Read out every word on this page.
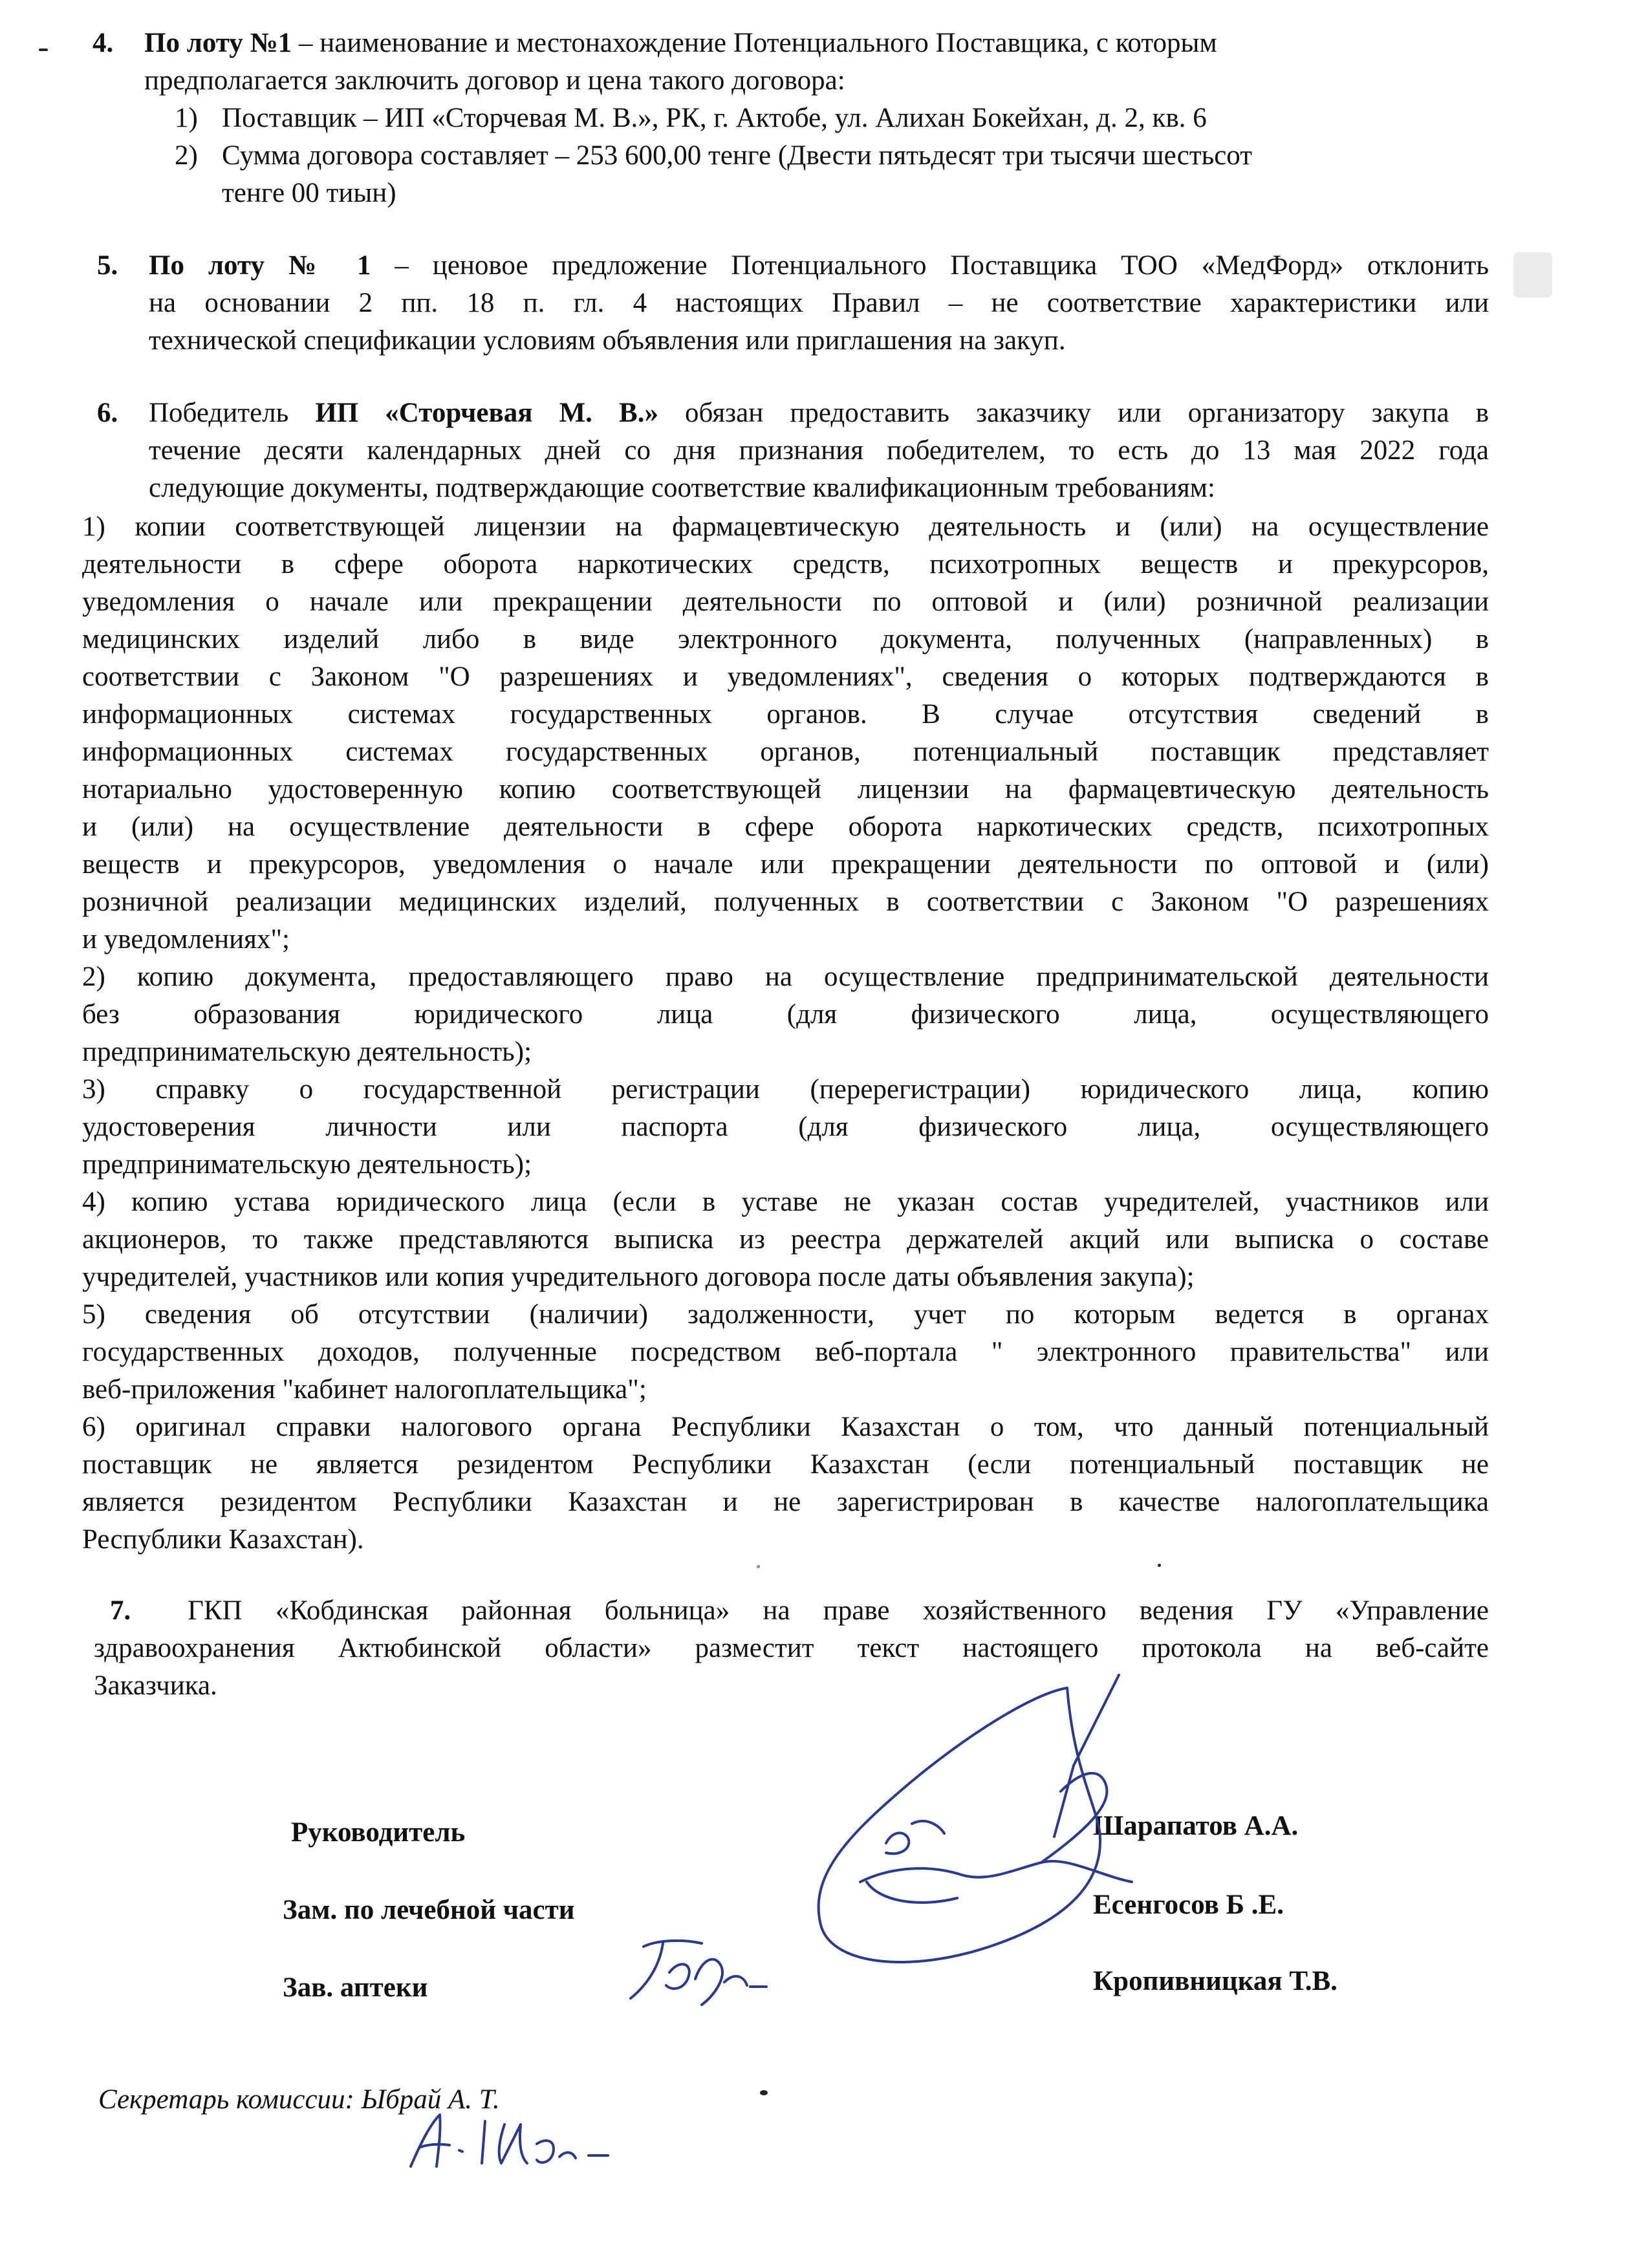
4. По лоту №1 – наименование и местонахождение Потенциального Поставщика, с которым
предполагается заключить договор и цена такого договора:
1) Поставщик – ИП «Сторчевая М. В.», РК, г. Актобе, ул. Алихан Бокейхан, д. 2, кв. 6
2) Сумма договора составляет – 253 600,00 тенге (Двести пятьдесят три тысячи шестьсот
тенге 00 тиын)
5. По лоту № 1 – ценовое предложение Потенциального Поставщика ТОО «МедФорд» отклонить
на основании 2 пп. 18 п. гл. 4 настоящих Правил – не соответствие характеристики или
технической спецификации условиям объявления или приглашения на закуп.
6. Победитель ИП «Сторчевая М. В.» обязан предоставить заказчику или организатору закупа в
течение десяти календарных дней со дня признания победителем, то есть до 13 мая 2022 года
следующие документы, подтверждающие соответствие квалификационным требованиям:
1) копии соответствующей лицензии на фармацевтическую деятельность и (или) на осуществление
деятельности в сфере оборота наркотических средств, психотропных веществ и прекурсоров,
уведомления о начале или прекращении деятельности по оптовой и (или) розничной реализации
медицинских изделий либо в виде электронного документа, полученных (направленных) в
соответствии с Законом "О разрешениях и уведомлениях", сведения о которых подтверждаются в
информационных системах государственных органов. В случае отсутствия сведений в
информационных системах государственных органов, потенциальный поставщик представляет
нотариально удостоверенную копию соответствующей лицензии на фармацевтическую деятельность
и (или) на осуществление деятельности в сфере оборота наркотических средств, психотропных
веществ и прекурсоров, уведомления о начале или прекращении деятельности по оптовой и (или)
розничной реализации медицинских изделий, полученных в соответствии с Законом "О разрешениях
и уведомлениях";
2) копию документа, предоставляющего право на осуществление предпринимательской деятельности
без образования юридического лица (для физического лица, осуществляющего
предпринимательскую деятельность);
3) справку о государственной регистрации (перерегистрации) юридического лица, копию
удостоверения личности или паспорта (для физического лица, осуществляющего
предпринимательскую деятельность);
4) копию устава юридического лица (если в уставе не указан состав учредителей, участников или
акционеров, то также представляются выписка из реестра держателей акций или выписка о составе
учредителей, участников или копия учредительного договора после даты объявления закупа);
5) сведения об отсутствии (наличии) задолженности, учет по которым ведется в органах
государственных доходов, полученные посредством веб-портала " электронного правительства" или
веб-приложения "кабинет налогоплательщика";
6) оригинал справки налогового органа Республики Казахстан о том, что данный потенциальный
поставщик не является резидентом Республики Казахстан (если потенциальный поставщик не
является резидентом Республики Казахстан и не зарегистрирован в качестве налогоплательщика
Республики Казахстан).
7. ГКП «Кобдинская районная больница» на праве хозяйственного ведения ГУ «Управление
здравоохранения Актюбинской области» разместит текст настоящего протокола на веб-сайте
Заказчика.
Руководитель	Шарапатов А.А.
Зам. по лечебной части	Есенгосов Б .Е.
Зав. аптеки	Кропивницкая Т.В.
Секретарь комиссии: Ыбрай А. Т.
